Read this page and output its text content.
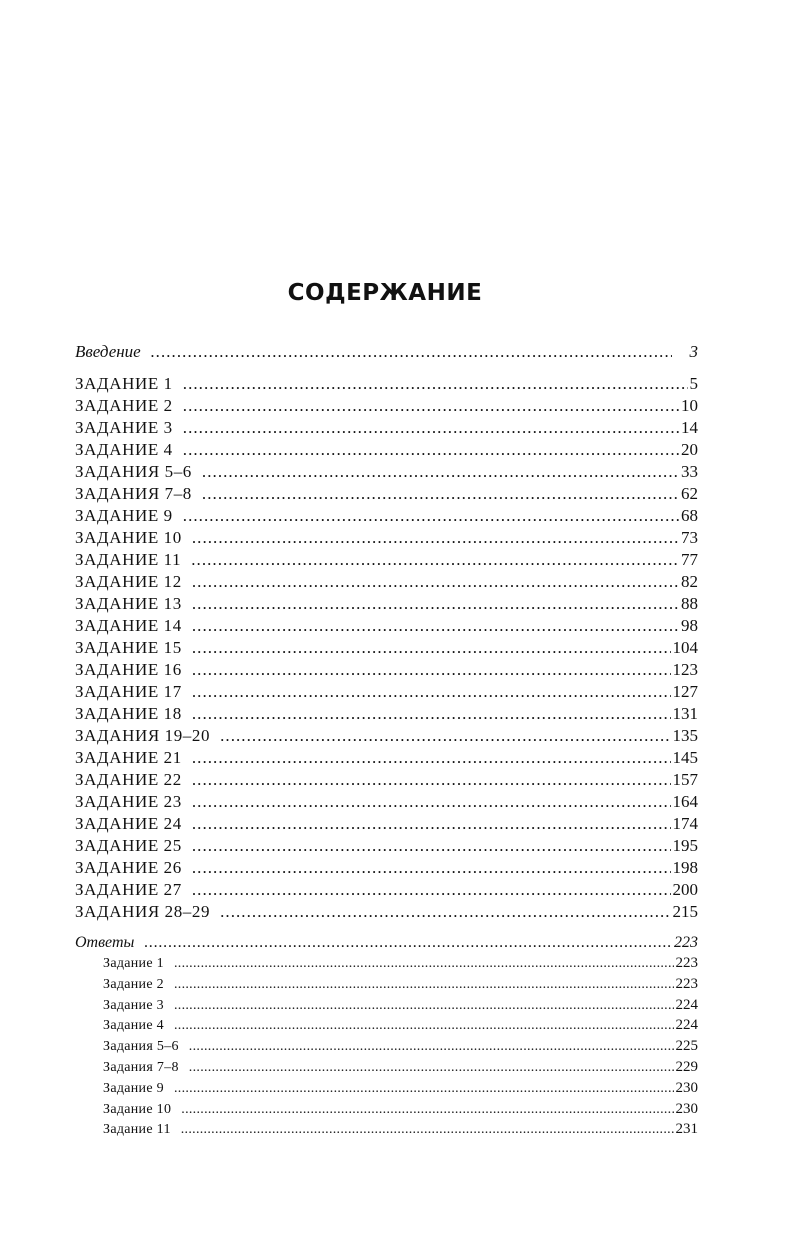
СОДЕРЖАНИЕ
Введение . . .	3
ЗАДАНИЕ 1 . . .	5
ЗАДАНИЕ 2 . . .	10
ЗАДАНИЕ 3 . . .	14
ЗАДАНИЕ 4 . . .	20
ЗАДАНИЯ 5–6 . . .	33
ЗАДАНИЯ 7–8 . . .	62
ЗАДАНИЕ 9 . . .	68
ЗАДАНИЕ 10 . . .	73
ЗАДАНИЕ 11 . . .	77
ЗАДАНИЕ 12 . . .	82
ЗАДАНИЕ 13 . . .	88
ЗАДАНИЕ 14 . . .	98
ЗАДАНИЕ 15 . . .	104
ЗАДАНИЕ 16 . . .	123
ЗАДАНИЕ 17 . . .	127
ЗАДАНИЕ 18 . . .	131
ЗАДАНИЯ 19–20 . . .	135
ЗАДАНИЕ 21 . . .	145
ЗАДАНИЕ 22 . . .	157
ЗАДАНИЕ 23 . . .	164
ЗАДАНИЕ 24 . . .	174
ЗАДАНИЕ 25 . . .	195
ЗАДАНИЕ 26 . . .	198
ЗАДАНИЕ 27 . . .	200
ЗАДАНИЯ 28–29 . . .	215
Ответы . . .	223
Задание 1 . . .	223
Задание 2 . . .	223
Задание 3 . . .	224
Задание 4 . . .	224
Задания 5–6 . . .	225
Задания 7–8 . . .	229
Задание 9 . . .	230
Задание 10 . . .	230
Задание 11 . . .	231
